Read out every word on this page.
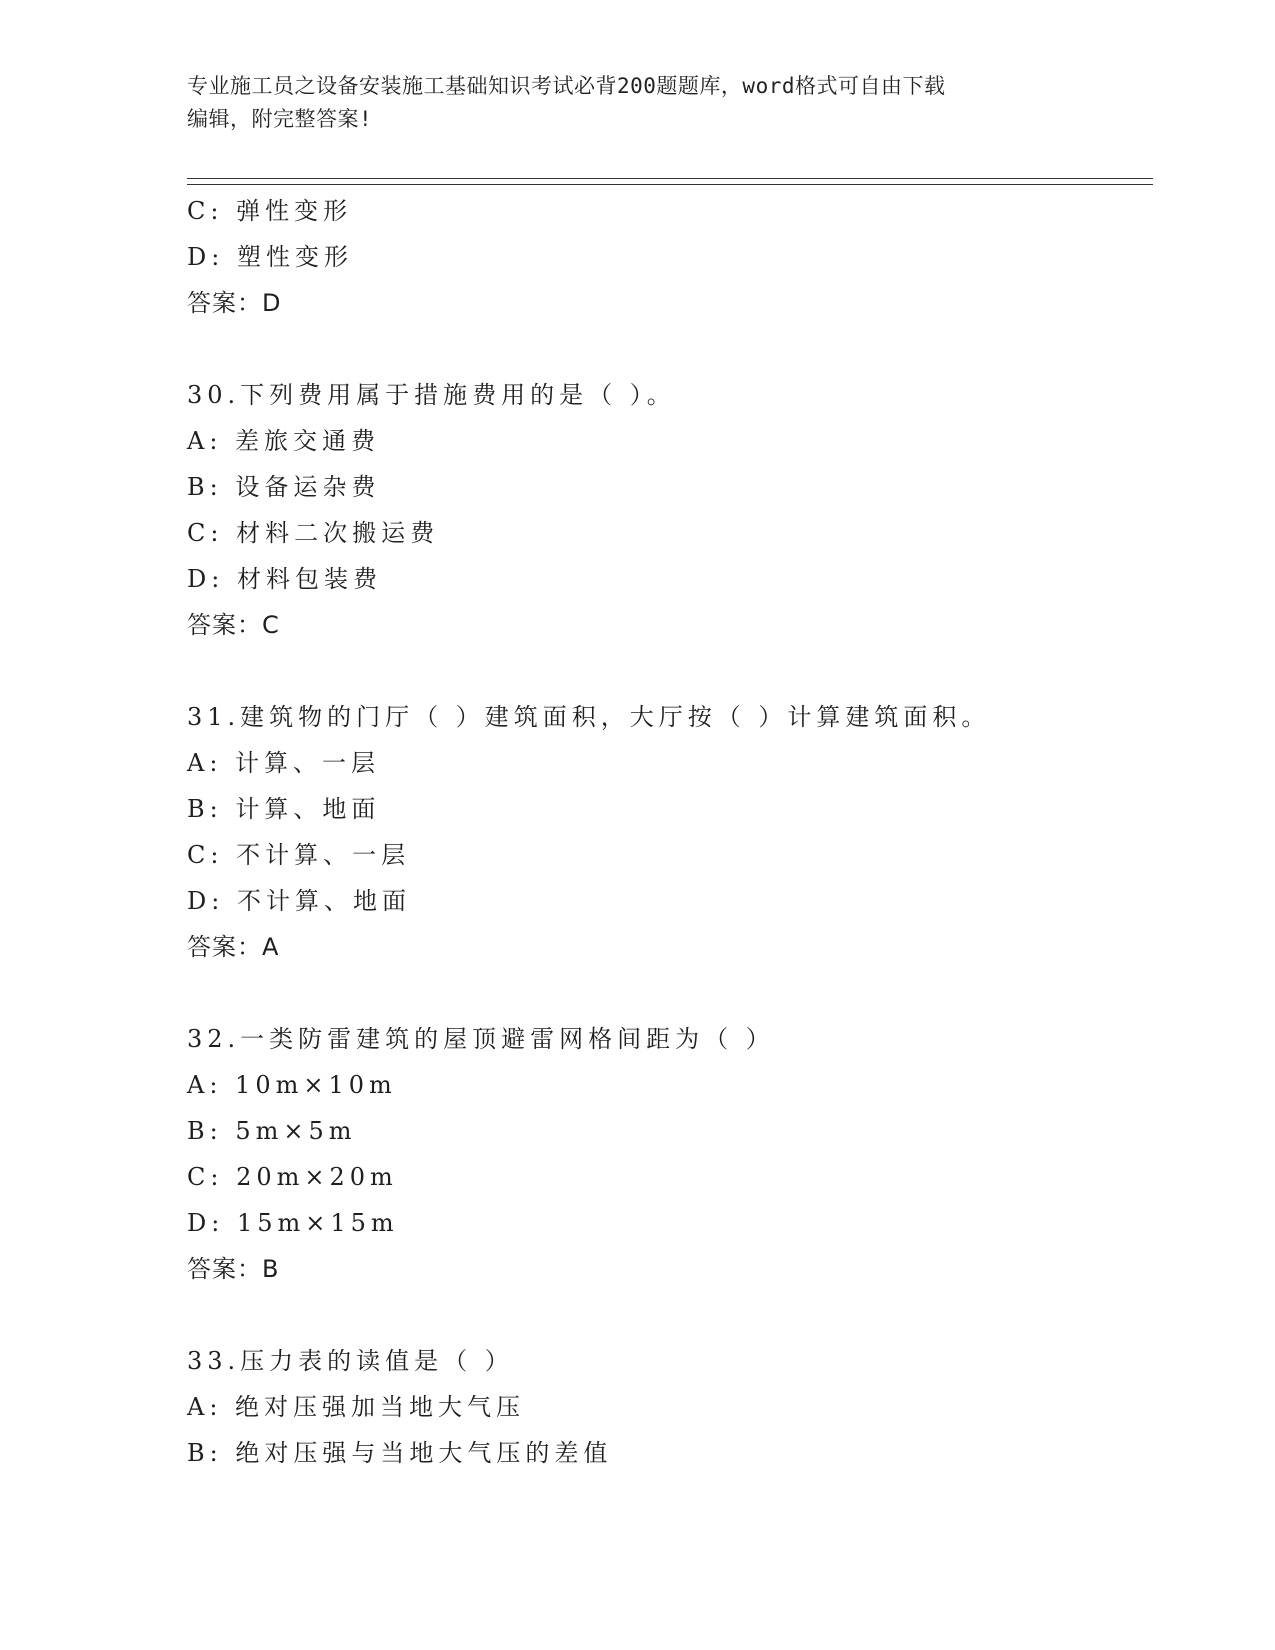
专业施工员之设备安装施工基础知识考试必背200题题库，word格式可自由下载
编辑，附完整答案!
C: 弹性变形
D: 塑性变形
答案：D
30.下列费用属于措施费用的是（ ）。
A: 差旅交通费
B: 设备运杂费
C: 材料二次搬运费
D: 材料包装费
答案：C
31.建筑物的门厅（ ）建筑面积，大厅按（ ）计算建筑面积。
A: 计算、一层
B: 计算、地面
C: 不计算、一层
D: 不计算、地面
答案：A
32.一类防雷建筑的屋顶避雷网格间距为（ ）
A: 10m×10m
B: 5m×5m
C: 20m×20m
D: 15m×15m
答案：B
33.压力表的读值是（ ）
A: 绝对压强加当地大气压
B: 绝对压强与当地大气压的差值
